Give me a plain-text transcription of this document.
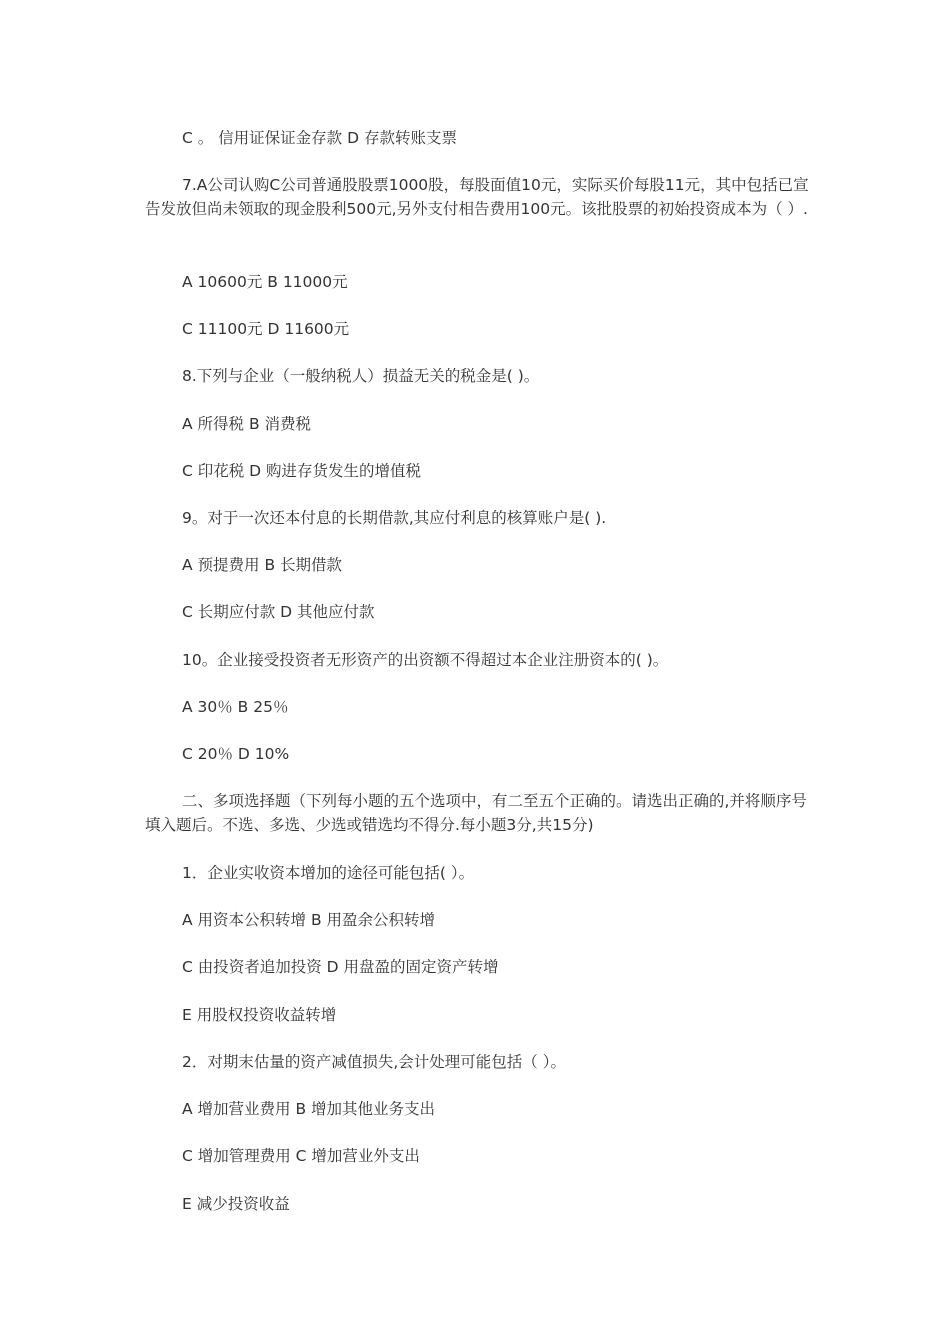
C 。 信用证保证金存款 D 存款转账支票

7.A公司认购C公司普通股股票1000股，每股面值10元，实际买价每股11元，其中包括已宣告发放但尚未领取的现金股利500元,另外支付相告费用100元。该批股票的初始投资成本为（ ）.

A 10600元 B 11000元

C 11100元 D 11600元

8.下列与企业（一般纳税人）损益无关的税金是( )。

A 所得税 B 消费税

C 印花税 D 购进存货发生的增值税

9。对于一次还本付息的长期借款,其应付利息的核算账户是( ).

A 预提费用 B 长期借款

C 长期应付款 D 其他应付款

10。企业接受投资者无形资产的出资额不得超过本企业注册资本的( )。

A 30％ B 25％

C 20％ D 10%

二、多项选择题（下列每小题的五个选项中，有二至五个正确的。请选出正确的,并将顺序号填入题后。不选、多选、少选或错选均不得分.每小题3分,共15分)

1．企业实收资本增加的途径可能包括( ）。

A 用资本公积转增 B 用盈余公积转增

C 由投资者追加投资 D 用盘盈的固定资产转增

E 用股权投资收益转增

2．对期末估量的资产减值损失,会计处理可能包括（ ）。

A 增加营业费用 B 增加其他业务支出

C 增加管理费用 C 增加营业外支出

E 减少投资收益
